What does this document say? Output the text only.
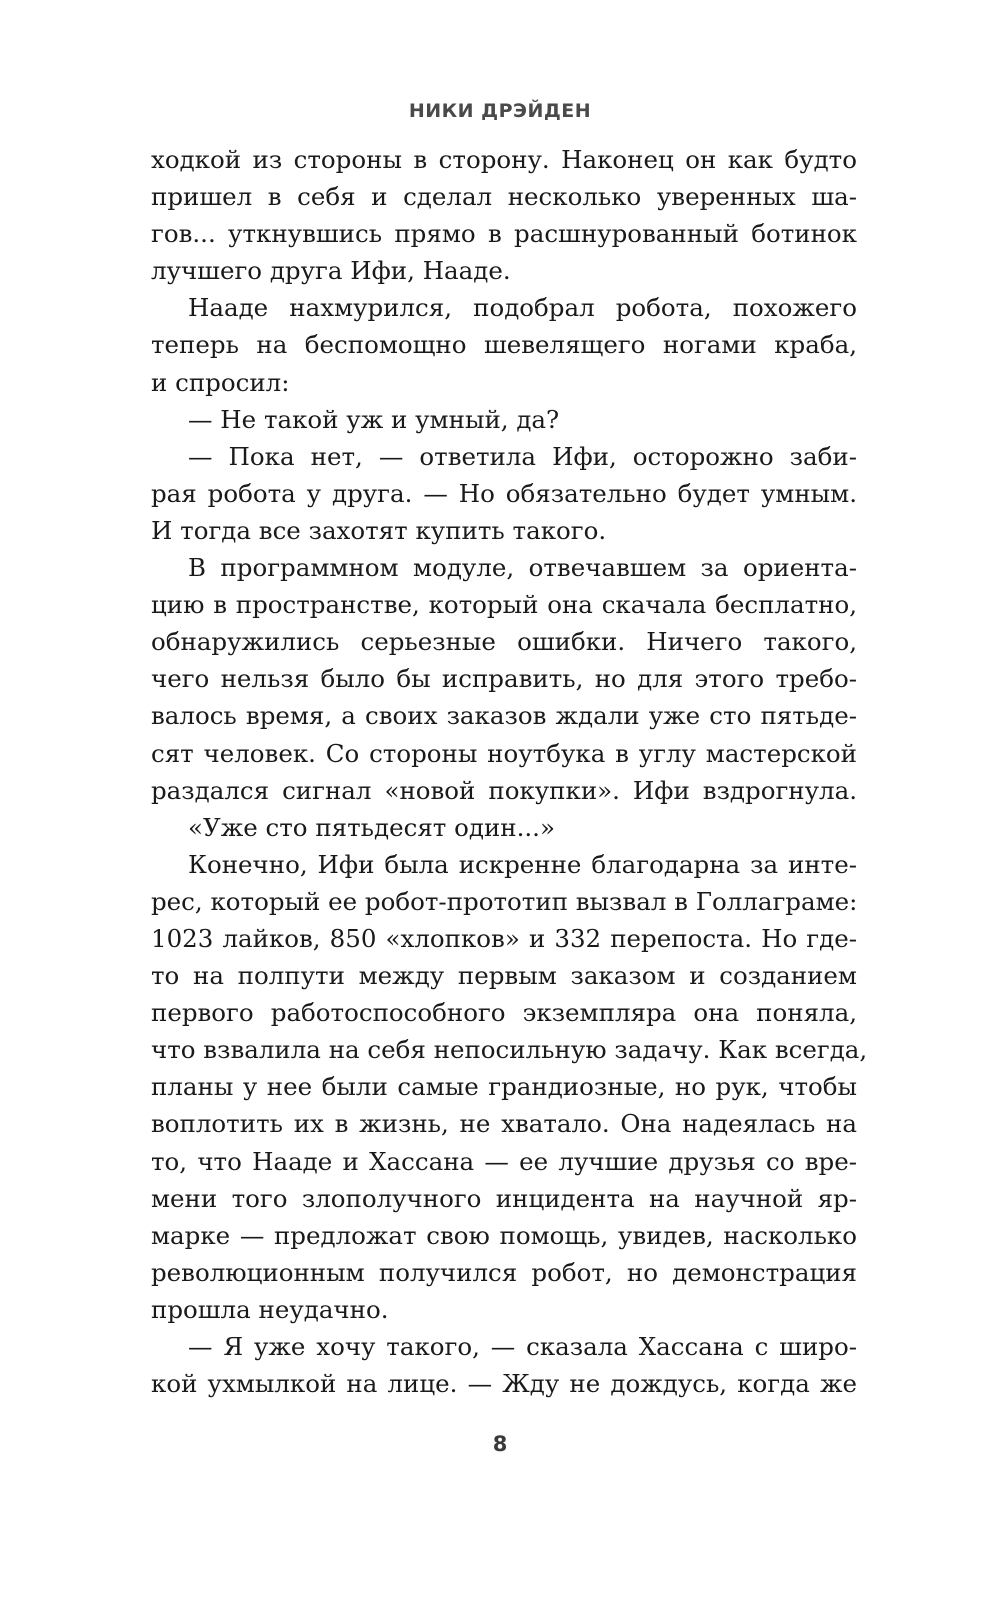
НИКИ ДРЭЙДЕН
ходкой из стороны в сторону. Наконец он как будто
пришел в себя и сделал несколько уверенных ша-
гов... уткнувшись прямо в расшнурованный ботинок
лучшего друга Ифи, Нааде.
Нааде нахмурился, подобрал робота, похожего
теперь на беспомощно шевелящего ногами краба,
и спросил:
— Не такой уж и умный, да?
— Пока нет, — ответила Ифи, осторожно заби-
рая робота у друга. — Но обязательно будет умным.
И тогда все захотят купить такого.
В программном модуле, отвечавшем за ориента-
цию в пространстве, который она скачала бесплатно,
обнаружились серьезные ошибки. Ничего такого,
чего нельзя было бы исправить, но для этого требо-
валось время, а своих заказов ждали уже сто пятьде-
сят человек. Со стороны ноутбука в углу мастерской
раздался сигнал «новой покупки». Ифи вздрогнула.
«Уже сто пятьдесят один...»
Конечно, Ифи была искренне благодарна за инте-
рес, который ее робот-прототип вызвал в Голлаграме:
1023 лайков, 850 «хлопков» и 332 перепоста. Но где-
то на полпути между первым заказом и созданием
первого работоспособного экземпляра она поняла,
что взвалила на себя непосильную задачу. Как всегда,
планы у нее были самые грандиозные, но рук, чтобы
воплотить их в жизнь, не хватало. Она надеялась на
то, что Нааде и Хассана — ее лучшие друзья со вре-
мени того злополучного инцидента на научной яр-
марке — предложат свою помощь, увидев, насколько
революционным получился робот, но демонстрация
прошла неудачно.
— Я уже хочу такого, — сказала Хассана с широ-
кой ухмылкой на лице. — Жду не дождусь, когда же
8
